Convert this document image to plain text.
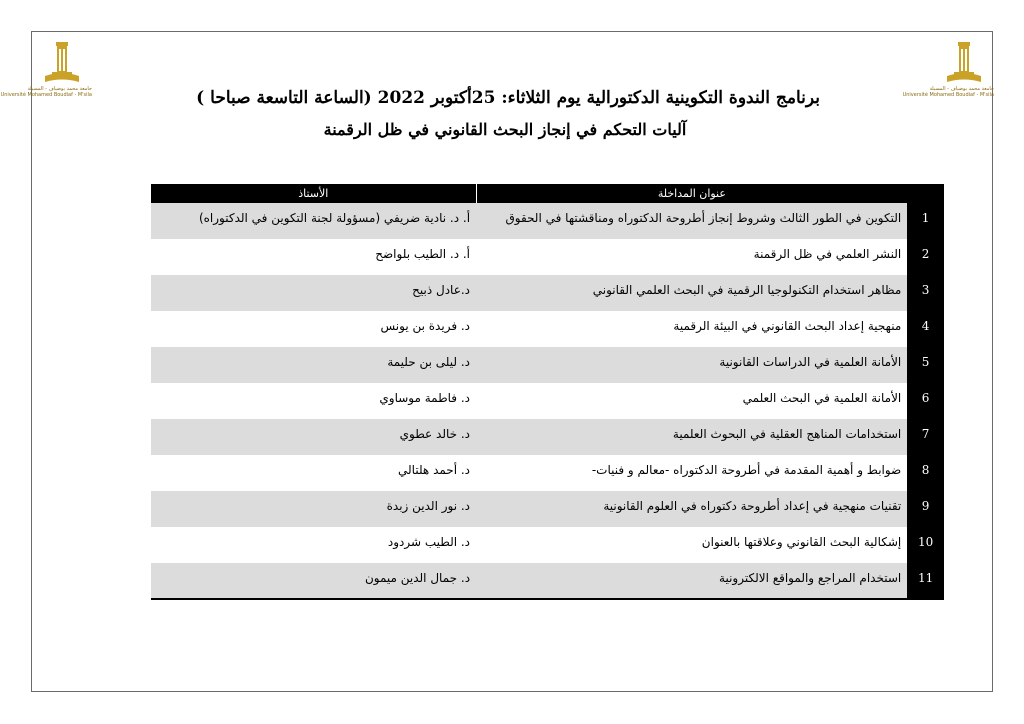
جامعة محمد بوضياف - المسيلة
Université Mohamed Boudiaf - M'sila
جامعة محمد بوضياف - المسيلة
Université Mohamed Boudiaf - M'sila
برنامج الندوة التكوينية الدكتورالية يوم الثلاثاء: 25أكتوبر 2022 (الساعة التاسعة صباحا )
آليات التحكم في إنجاز البحث القانوني في ظل الرقمنة
	عنوان المداخلة	الأستاذ
1	التكوين في الطور الثالث وشروط إنجاز أطروحة الدكتوراه ومناقشتها في الحقوق	أ. د. نادية ضريفي (مسؤولة لجنة التكوين في الدكتوراه)
2	النشر العلمي في ظل الرقمنة	أ. د. الطيب بلواضح
3	مظاهر استخدام التكنولوجيا الرقمية في البحث العلمي القانوني	د.عادل ذبيح
4	منهجية إعداد البحث القانوني في البيئة الرقمية	د. فريدة بن يونس
5	الأمانة العلمية في الدراسات القانونية	د. ليلى بن حليمة
6	الأمانة العلمية في البحث العلمي	د. فاطمة موساوي
7	استخدامات المناهج العقلية في البحوث العلمية	د. خالد عطوي
8	ضوابط و أهمية المقدمة في أطروحة الدكتوراه -معالم و فنيات-	د. أحمد هلتالي
9	تقنيات منهجية في إعداد أطروحة دكتوراه في العلوم القانونية	د. نور الدين زبدة
10	إشكالية البحث القانوني وعلاقتها بالعنوان	د. الطيب شردود
11	استخدام المراجع والمواقع الالكترونية	د. جمال الدين ميمون
